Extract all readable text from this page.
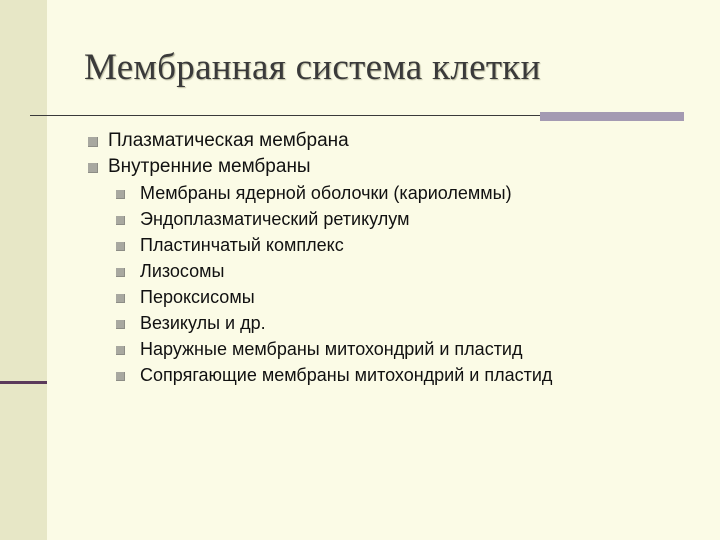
Мембранная система клетки
Плазматическая мембрана
Внутренние мембраны
Мембраны ядерной оболочки (кариолеммы)
Эндоплазматический ретикулум
Пластинчатый комплекс
Лизосомы
Пероксисомы
Везикулы и др.
Наружные мембраны митохондрий и пластид
Сопрягающие мембраны митохондрий и пластид
